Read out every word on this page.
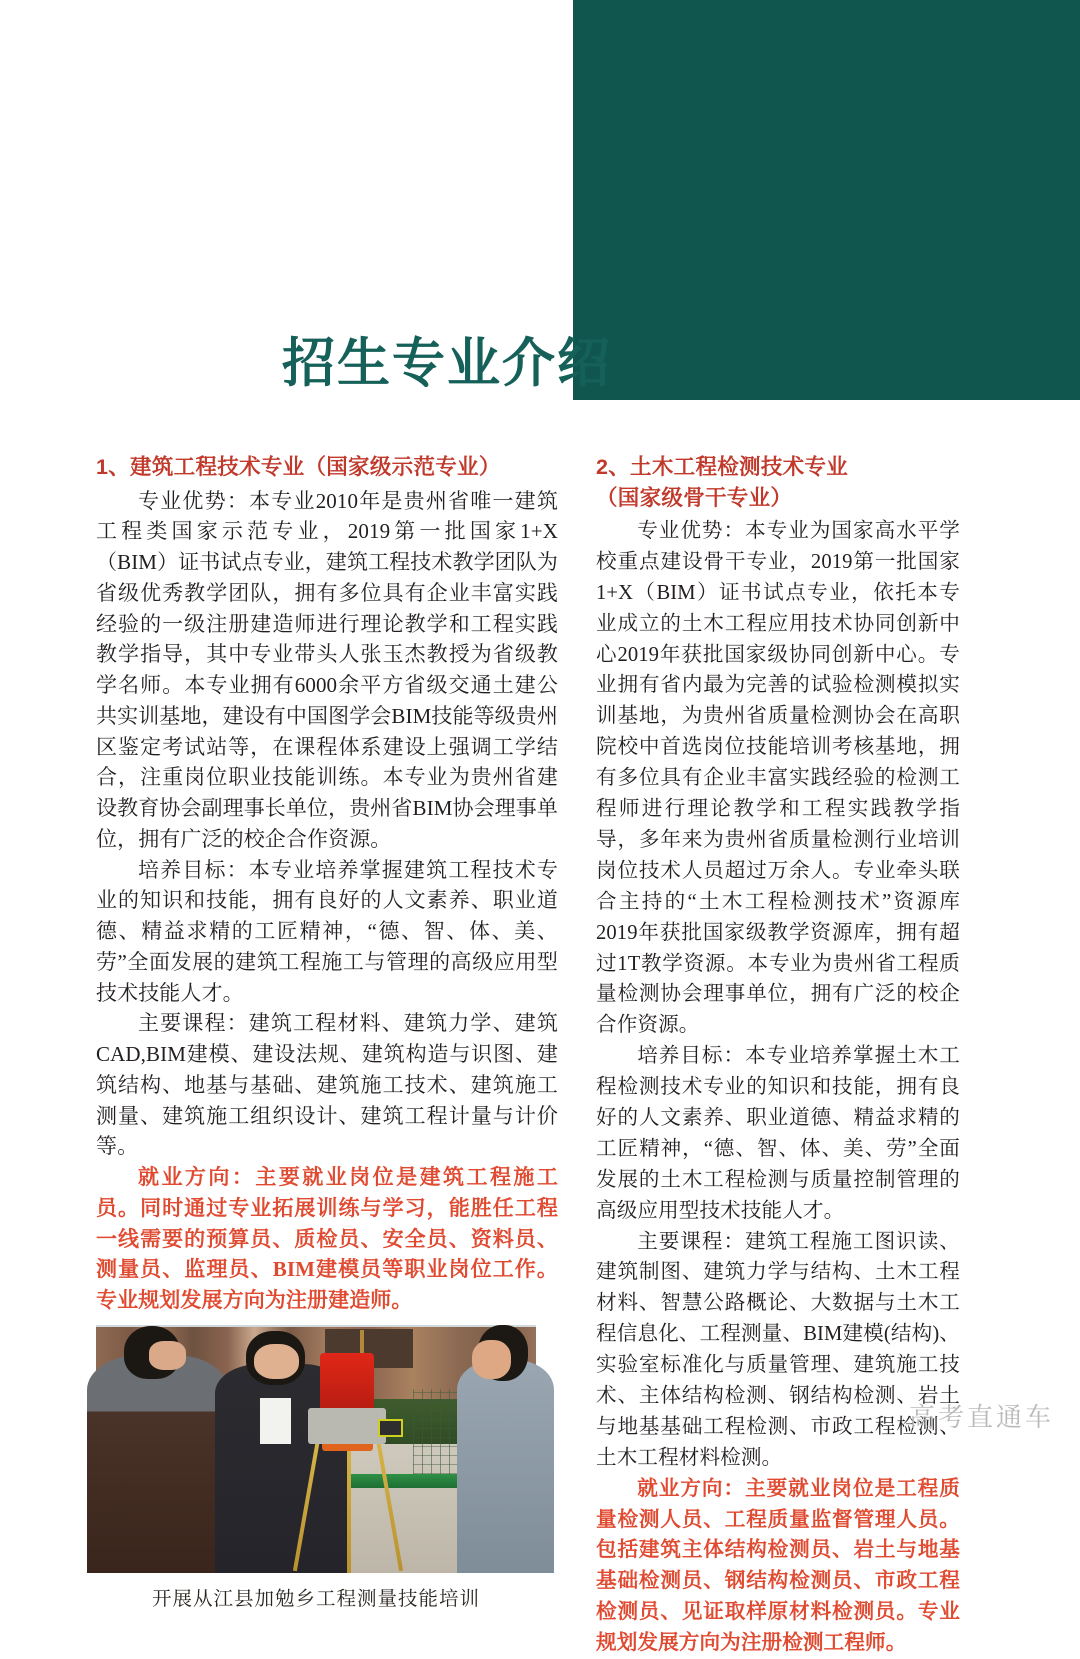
招生专业介绍
1、建筑工程技术专业（国家级示范专业）

专业优势：本专业2010年是贵州省唯一建筑工程类国家示范专业，2019第一批国家1+X（BIM）证书试点专业，建筑工程技术教学团队为省级优秀教学团队，拥有多位具有企业丰富实践经验的一级注册建造师进行理论教学和工程实践教学指导，其中专业带头人张玉杰教授为省级教学名师。本专业拥有6000余平方省级交通土建公共实训基地，建设有中国图学会BIM技能等级贵州区鉴定考试站等，在课程体系建设上强调工学结合，注重岗位职业技能训练。本专业为贵州省建设教育协会副理事长单位，贵州省BIM协会理事单位，拥有广泛的校企合作资源。

培养目标：本专业培养掌握建筑工程技术专业的知识和技能，拥有良好的人文素养、职业道德、精益求精的工匠精神，“德、智、体、美、劳”全面发展的建筑工程施工与管理的高级应用型技术技能人才。

主要课程：建筑工程材料、建筑力学、建筑CAD,BIM建模、建设法规、建筑构造与识图、建筑结构、地基与基础、建筑施工技术、建筑施工测量、建筑施工组织设计、建筑工程计量与计价等。

就业方向：主要就业岗位是建筑工程施工员。同时通过专业拓展训练与学习，能胜任工程一线需要的预算员、质检员、安全员、资料员、测量员、监理员、BIM建模员等职业岗位工作。专业规划发展方向为注册建造师。

开展从江县加勉乡工程测量技能培训
2、土木工程检测技术专业
（国家级骨干专业）

专业优势：本专业为国家高水平学校重点建设骨干专业，2019第一批国家1+X（BIM）证书试点专业，依托本专业成立的土木工程应用技术协同创新中心2019年获批国家级协同创新中心。专业拥有省内最为完善的试验检测模拟实训基地，为贵州省质量检测协会在高职院校中首选岗位技能培训考核基地，拥有多位具有企业丰富实践经验的检测工程师进行理论教学和工程实践教学指导，多年来为贵州省质量检测行业培训岗位技术人员超过万余人。专业牵头联合主持的“土木工程检测技术”资源库2019年获批国家级教学资源库，拥有超过1T教学资源。本专业为贵州省工程质量检测协会理事单位，拥有广泛的校企合作资源。

培养目标：本专业培养掌握土木工程检测技术专业的知识和技能，拥有良好的人文素养、职业道德、精益求精的工匠精神，“德、智、体、美、劳”全面发展的土木工程检测与质量控制管理的高级应用型技术技能人才。

主要课程：建筑工程施工图识读、建筑制图、建筑力学与结构、土木工程材料、智慧公路概论、大数据与土木工程信息化、工程测量、BIM建模(结构)、实验室标准化与质量管理、建筑施工技术、主体结构检测、钢结构检测、岩土与地基基础工程检测、市政工程检测、土木工程材料检测。

就业方向：主要就业岗位是工程质量检测人员、工程质量监督管理人员。包括建筑主体结构检测员、岩土与地基基础检测员、钢结构检测员、市政工程检测员、见证取样原材料检测员。专业规划发展方向为注册检测工程师。

高考直通车
